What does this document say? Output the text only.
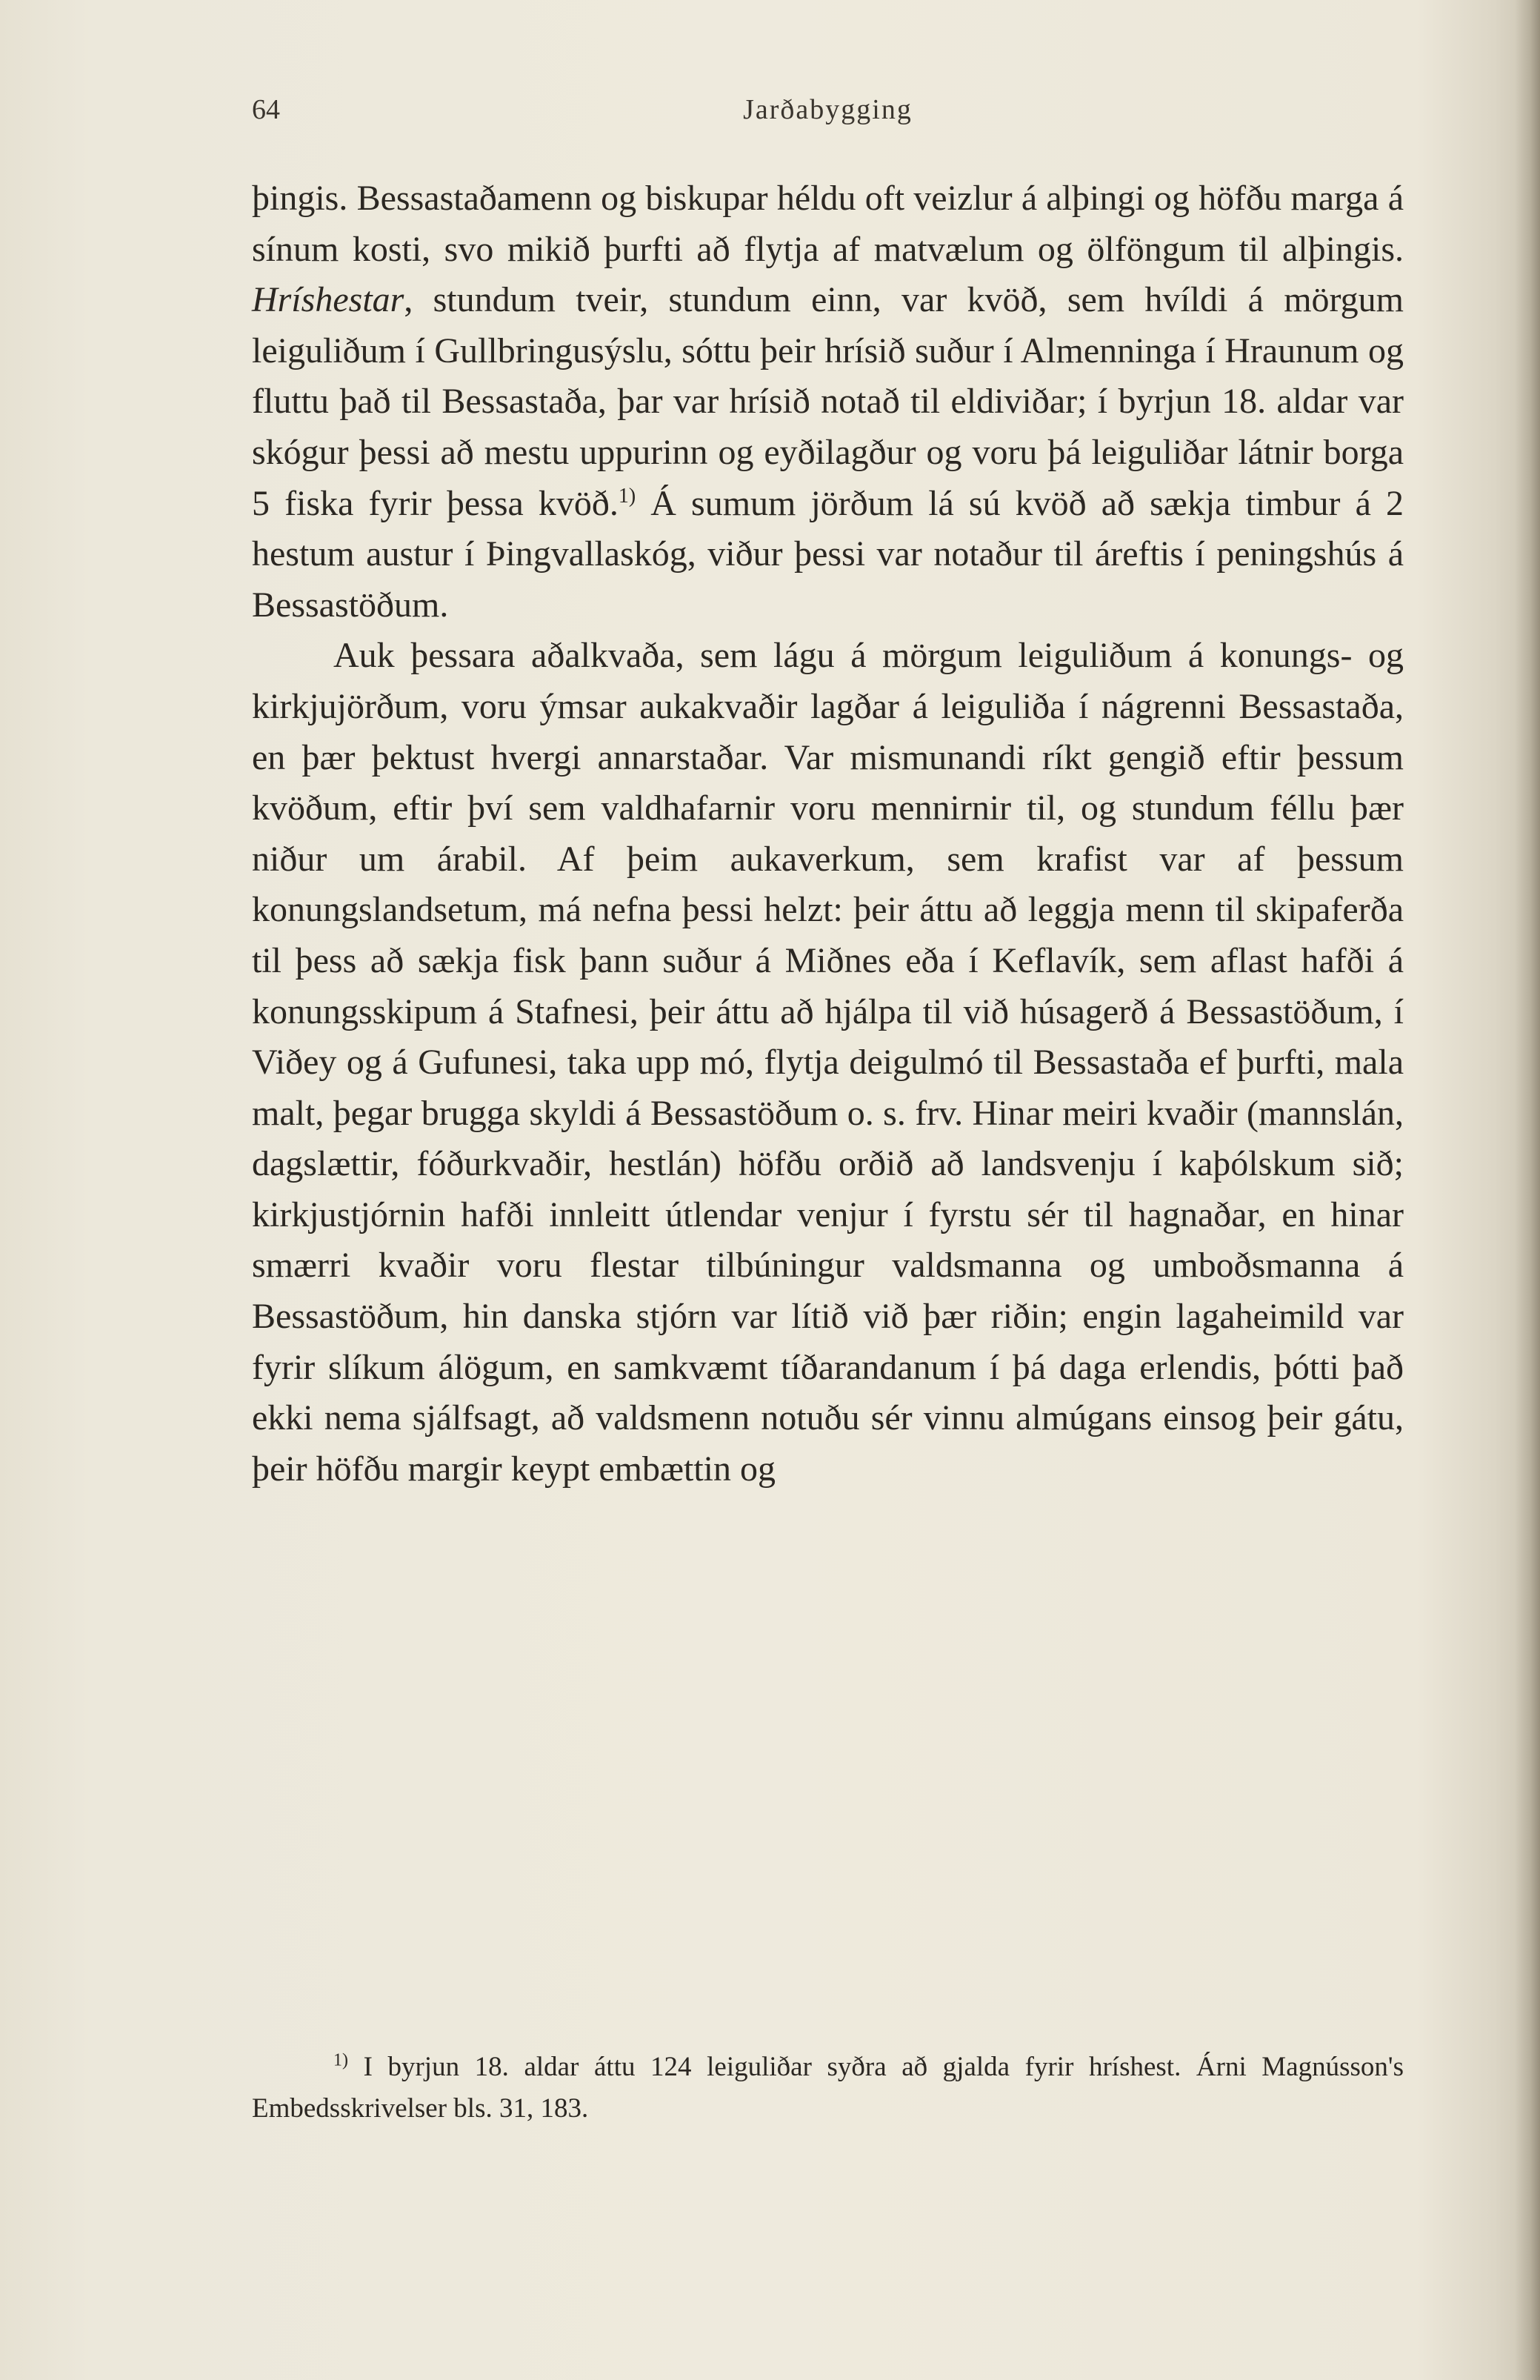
64	Jarðabygging

þingis. Bessastaðamenn og biskupar héldu oft veizlur á alþingi og höfðu marga á sínum kosti, svo mikið þurfti að flytja af matvælum og ölföngum til alþingis. Hríshestar, stundum tveir, stundum einn, var kvöð, sem hvíldi á mörgum leiguliðum í Gullbringusýslu, sóttu þeir hrísið suður í Almenninga í Hraunum og fluttu það til Bessastaða, þar var hrísið notað til eldiviðar; í byrjun 18. aldar var skógur þessi að mestu uppurinn og eyðilagður og voru þá leiguliðar látnir borga 5 fiska fyrir þessa kvöð.$^{1)}$ Á sumum jörðum lá sú kvöð að sækja timbur á 2 hestum austur í Þingvallaskóg, viður þessi var notaður til áreftis í peningshús á Bessastöðum.

Auk þessara aðalkvaða, sem lágu á mörgum leiguliðum á konungs- og kirkjujörðum, voru ýmsar aukakvaðir lagðar á leiguliða í nágrenni Bessastaða, en þær þektust hvergi annarstaðar. Var mismunandi ríkt gengið eftir þessum kvöðum, eftir því sem valdhafarnir voru mennirnir til, og stundum féllu þær niður um árabil. Af þeim aukaverkum, sem krafist var af þessum konungslandsetum, má nefna þessi helzt: þeir áttu að leggja menn til skipaferða til þess að sækja fisk þann suður á Miðnes eða í Keflavík, sem aflast hafði á konungsskipum á Stafnesi, þeir áttu að hjálpa til við húsagerð á Bessastöðum, í Viðey og á Gufunesi, taka upp mó, flytja deigulmó til Bessastaða ef þurfti, mala malt, þegar brugga skyldi á Bessastöðum o. s. frv. Hinar meiri kvaðir (mannslán, dagslættir, fóðurkvaðir, hestlán) höfðu orðið að landsvenju í kaþólskum sið; kirkjustjórnin hafði innleitt útlendar venjur í fyrstu sér til hagnaðar, en hinar smærri kvaðir voru flestar tilbúningur valdsmanna og umboðsmanna á Bessastöðum, hin danska stjórn var lítið við þær riðin; engin lagaheimild var fyrir slíkum álögum, en samkvæmt tíðarandanum í þá daga erlendis, þótti það ekki nema sjálfsagt, að valdsmenn notuðu sér vinnu almúgans einsog þeir gátu, þeir höfðu margir keypt embættin og

$^{1)}$ I byrjun 18. aldar áttu 124 leiguliðar syðra að gjalda fyrir hríshest. Árni Magnússon's Embedsskrivelser bls. 31, 183.
